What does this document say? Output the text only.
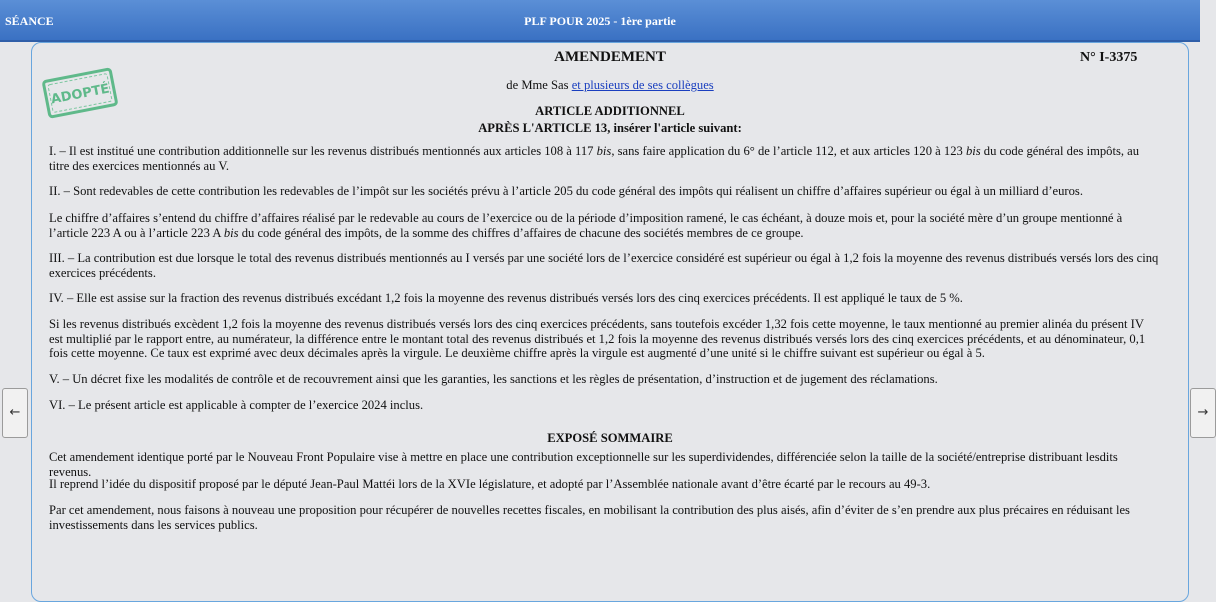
SÉANCE	PLF POUR 2025 - 1ère partie
←	→
ADOPTÉ
AMENDEMENT	N° I-3375
de Mme Sas et plusieurs de ses collègues
ARTICLE ADDITIONNEL
APRÈS L'ARTICLE 13, insérer l'article suivant:
I. – Il est institué une contribution additionnelle sur les revenus distribués mentionnés aux articles 108 à 117 bis, sans faire application du 6° de l’article 112, et aux articles 120 à 123 bis du code général des impôts, au titre des exercices mentionnés au V.
II. – Sont redevables de cette contribution les redevables de l’impôt sur les sociétés prévu à l’article 205 du code général des impôts qui réalisent un chiffre d’affaires supérieur ou égal à un milliard d’euros.
Le chiffre d’affaires s’entend du chiffre d’affaires réalisé par le redevable au cours de l’exercice ou de la période d’imposition ramené, le cas échéant, à douze mois et, pour la société mère d’un groupe mentionné à l’article 223 A ou à l’article 223 A bis du code général des impôts, de la somme des chiffres d’affaires de chacune des sociétés membres de ce groupe.
III. – La contribution est due lorsque le total des revenus distribués mentionnés au I versés par une société lors de l’exercice considéré est supérieur ou égal à 1,2 fois la moyenne des revenus distribués versés lors des cinq exercices précédents.
IV. – Elle est assise sur la fraction des revenus distribués excédant 1,2 fois la moyenne des revenus distribués versés lors des cinq exercices précédents. Il est appliqué le taux de 5 %.
Si les revenus distribués excèdent 1,2 fois la moyenne des revenus distribués versés lors des cinq exercices précédents, sans toutefois excéder 1,32 fois cette moyenne, le taux mentionné au premier alinéa du présent IV est multiplié par le rapport entre, au numérateur, la différence entre le montant total des revenus distribués et 1,2 fois la moyenne des revenus distribués versés lors des cinq exercices précédents, et au dénominateur, 0,1 fois cette moyenne. Ce taux est exprimé avec deux décimales après la virgule. Le deuxième chiffre après la virgule est augmenté d’une unité si le chiffre suivant est supérieur ou égal à 5.
V. – Un décret fixe les modalités de contrôle et de recouvrement ainsi que les garanties, les sanctions et les règles de présentation, d’instruction et de jugement des réclamations.
VI. – Le présent article est applicable à compter de l’exercice 2024 inclus.
EXPOSÉ SOMMAIRE
Cet amendement identique porté par le Nouveau Front Populaire vise à mettre en place une contribution exceptionnelle sur les superdividendes, différenciée selon la taille de la société/entreprise distribuant lesdits revenus.
Il reprend l’idée du dispositif proposé par le député Jean-Paul Mattéi lors de la XVIe législature, et adopté par l’Assemblée nationale avant d’être écarté par le recours au 49-3.
Par cet amendement, nous faisons à nouveau une proposition pour récupérer de nouvelles recettes fiscales, en mobilisant la contribution des plus aisés, afin d’éviter de s’en prendre aux plus précaires en réduisant les investissements dans les services publics.
